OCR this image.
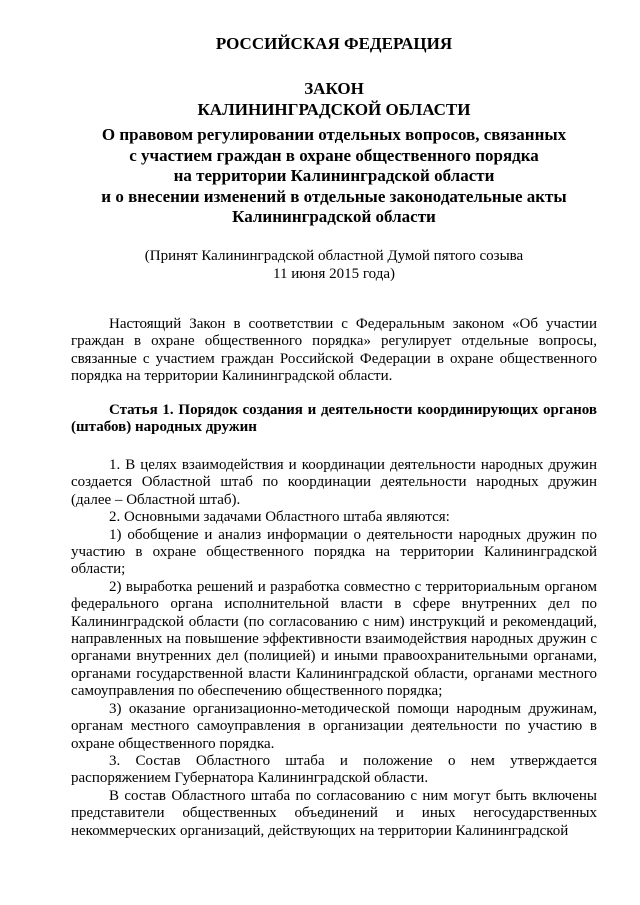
РОССИЙСКАЯ ФЕДЕРАЦИЯ
ЗАКОН
КАЛИНИНГРАДСКОЙ ОБЛАСТИ
О правовом регулировании отдельных вопросов, связанных
с участием граждан в охране общественного порядка
на территории Калининградской области
и о внесении изменений в отдельные законодательные акты
Калининградской области
(Принят Калининградской областной Думой пятого созыва
11 июня 2015 года)

Настоящий Закон в соответствии с Федеральным законом «Об участии граждан в охране общественного порядка» регулирует отдельные вопросы, связанные с участием граждан Российской Федерации в охране общественного порядка на территории Калининградской области.

Статья 1. Порядок создания и деятельности координирующих органов (штабов) народных дружин

1. В целях взаимодействия и координации деятельности народных дружин создается Областной штаб по координации деятельности народных дружин (далее – Областной штаб).

2. Основными задачами Областного штаба являются:

1) обобщение и анализ информации о деятельности народных дружин по участию в охране общественного порядка на территории Калининградской области;

2) выработка решений и разработка совместно с территориальным органом федерального органа исполнительной власти в сфере внутренних дел по Калининградской области (по согласованию с ним) инструкций и рекомендаций, направленных на повышение эффективности взаимодействия народных дружин с органами внутренних дел (полицией) и иными правоохранительными органами, органами государственной власти Калининградской области, органами местного самоуправления по обеспечению общественного порядка;

3) оказание организационно-методической помощи народным дружинам, органам местного самоуправления в организации деятельности по участию в охране общественного порядка.

3. Состав Областного штаба и положение о нем утверждается распоряжением Губернатора Калининградской области.

В состав Областного штаба по согласованию с ним могут быть включены представители общественных объединений и иных негосударственных некоммерческих организаций, действующих на территории Калининградской
